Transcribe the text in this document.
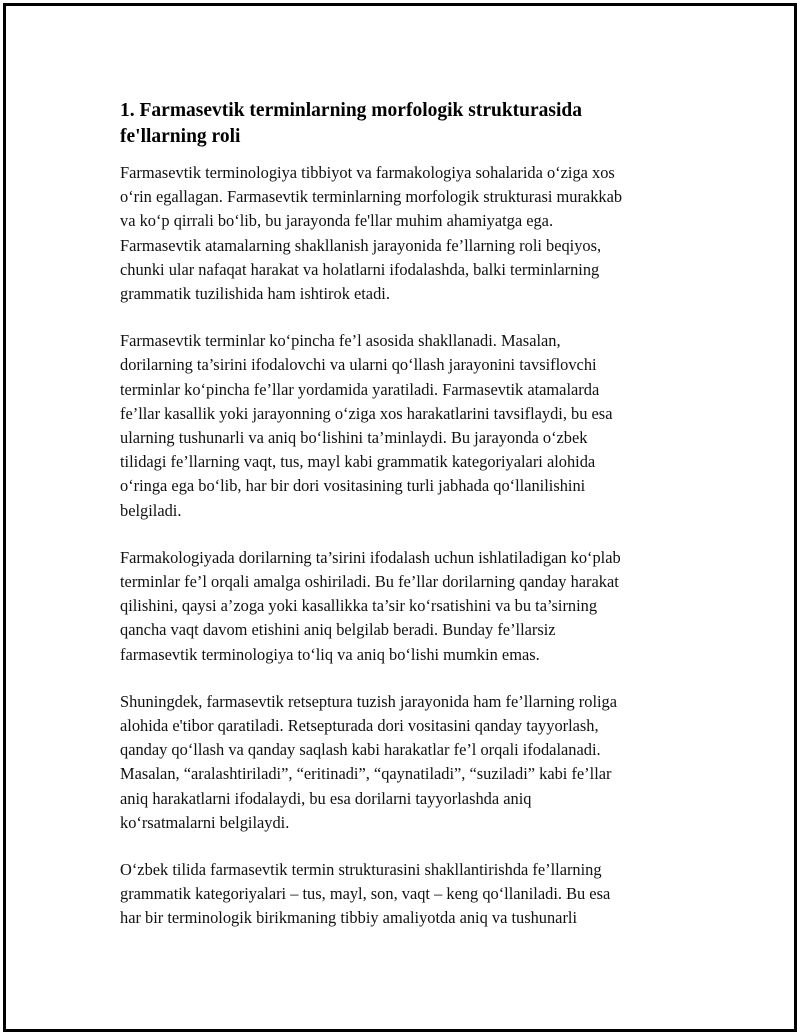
1. Farmasevtik terminlarning morfologik strukturasida
fe'llarning roli

Farmasevtik terminologiya tibbiyot va farmakologiya sohalarida o‘ziga xos
o‘rin egallagan. Farmasevtik terminlarning morfologik strukturasi murakkab
va ko‘p qirrali bo‘lib, bu jarayonda fe'llar muhim ahamiyatga ega.
Farmasevtik atamalarning shakllanish jarayonida fe’llarning roli beqiyos,
chunki ular nafaqat harakat va holatlarni ifodalashda, balki terminlarning
grammatik tuzilishida ham ishtirok etadi.

Farmasevtik terminlar ko‘pincha fe’l asosida shakllanadi. Masalan,
dorilarning ta’sirini ifodalovchi va ularni qo‘llash jarayonini tavsiflovchi
terminlar ko‘pincha fe’llar yordamida yaratiladi. Farmasevtik atamalarda
fe’llar kasallik yoki jarayonning o‘ziga xos harakatlarini tavsiflaydi, bu esa
ularning tushunarli va aniq bo‘lishini ta’minlaydi. Bu jarayonda o‘zbek
tilidagi fe’llarning vaqt, tus, mayl kabi grammatik kategoriyalari alohida
o‘ringa ega bo‘lib, har bir dori vositasining turli jabhada qo‘llanilishini
belgiladi.

Farmakologiyada dorilarning ta’sirini ifodalash uchun ishlatiladigan ko‘plab
terminlar fe’l orqali amalga oshiriladi. Bu fe’llar dorilarning qanday harakat
qilishini, qaysi a’zoga yoki kasallikka ta’sir ko‘rsatishini va bu ta’sirning
qancha vaqt davom etishini aniq belgilab beradi. Bunday fe’llarsiz
farmasevtik terminologiya to‘liq va aniq bo‘lishi mumkin emas.

Shuningdek, farmasevtik retseptura tuzish jarayonida ham fe’llarning roliga
alohida e'tibor qaratiladi. Retsepturada dori vositasini qanday tayyorlash,
qanday qo‘llash va qanday saqlash kabi harakatlar fe’l orqali ifodalanadi.
Masalan, “aralashtiriladi”, “eritinadi”, “qaynatiladi”, “suziladi” kabi fe’llar
aniq harakatlarni ifodalaydi, bu esa dorilarni tayyorlashda aniq
ko‘rsatmalarni belgilaydi.

O‘zbek tilida farmasevtik termin strukturasini shakllantirishda fe’llarning
grammatik kategoriyalari – tus, mayl, son, vaqt – keng qo‘llaniladi. Bu esa
har bir terminologik birikmaning tibbiy amaliyotda aniq va tushunarli
